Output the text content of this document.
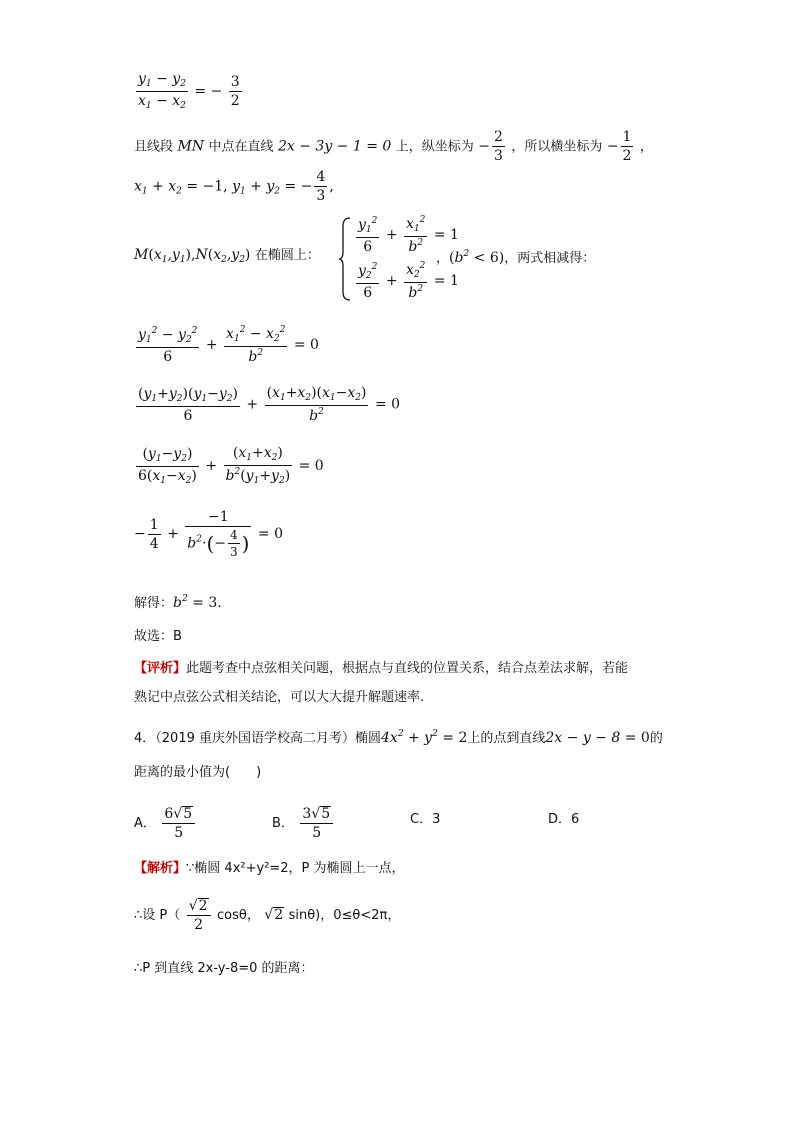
$\frac{y_1 - y_2}{x_1 - x_2}$ = − $\frac{3}{2}$
且线段 MN 中点在直线 2x − 3y − 1 = 0 上，纵坐标为 − $\frac{2}{3}$ ，所以横坐标为 − $\frac{1}{2}$ ，
$x_1 + x_2 = -1$, $y_1 + y_2$ = − $\frac{4}{3}$ ,
$M(x_1,y_1),N(x_2,y_2)$ 在椭圆上：
$\frac{y_1^2}{6} + \frac{x_1^2}{b^2} = 1$
$\frac{y_2^2}{6} + \frac{x_2^2}{b^2} = 1$
，$(b^2 < 6)$，两式相减得：
$\frac{y_1^2 - y_2^2}{6} + \frac{x_1^2 - x_2^2}{b^2} = 0$
$\frac{(y_1+y_2)(y_1-y_2)}{6} + \frac{(x_1+x_2)(x_1-x_2)}{b^2} = 0$
$\frac{(y_1-y_2)}{6(x_1-x_2)} + \frac{(x_1+x_2)}{b^2(y_1+y_2)} = 0$
− $\frac{1}{4} + \frac{-1}{b^2\cdot(- \frac{4}{3} )} = 0$
解得：$b^2 = 3$.
故选：B
【评析】此题考查中点弦相关问题，根据点与直线的位置关系，结合点差法求解，若能
熟记中点弦公式相关结论，可以大大提升解题速率.
4．（2019 重庆外国语学校高二月考）椭圆$4x^2 + y^2 = 2$上的点到直线2x − y − 8 = 0的
距离的最小值为(　　)
A． $\frac{6√5}{5}$	B． $\frac{3√5}{5}$	C．3	D．6
【解析】∵椭圆 4x²+y²=2，P 为椭圆上一点，
∴设 $P( \frac{√2}{2}$ cosθ， √2 sinθ)，0≤θ<2π，
∴P 到直线 2x-y-8=0 的距离：
